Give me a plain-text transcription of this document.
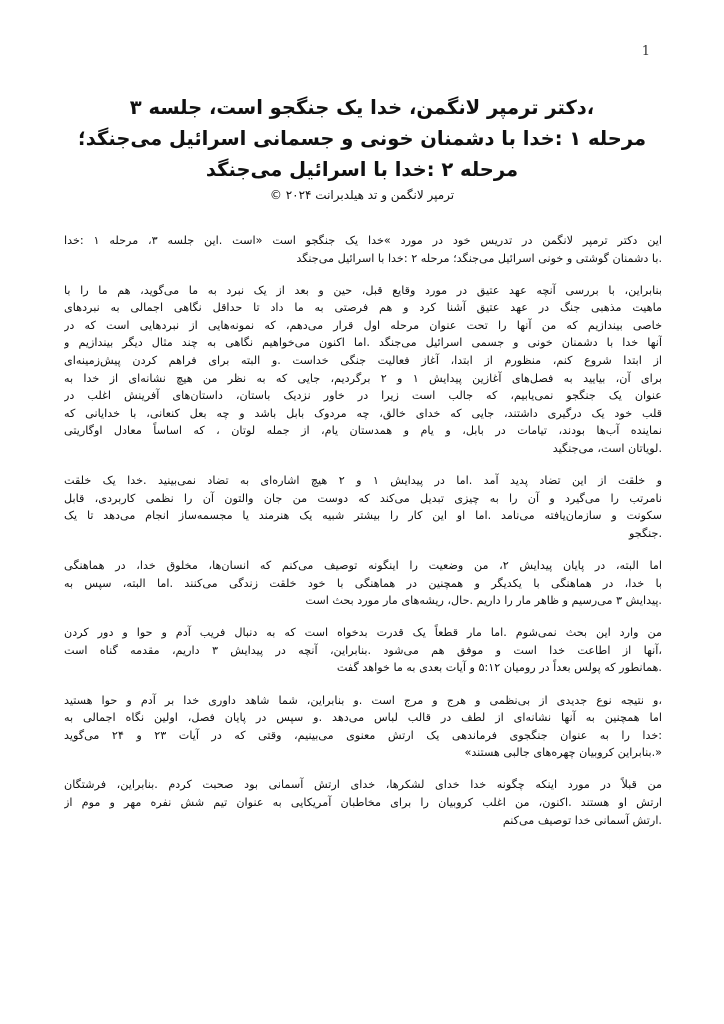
1
،دکتر ترمپر لانگمن، خدا یک جنگجو است، جلسه ۳
مرحله ۱ :خدا با دشمنان خونی و جسمانی اسرائیل می‌جنگد؛
مرحله ۲ :خدا با اسرائیل می‌جنگد
ترمپر لانگمن و تد هیلدبرانت ۲۰۲۴ ©
این دکتر ترمپر لانگمن در تدریس خود در مورد »خدا یک جنگجو است «است .این جلسه ۳، مرحله ۱ :خدا
.با دشمنان گوشتی و خونی اسرائیل می‌جنگد؛ مرحله ۲ :خدا با اسرائیل می‌جنگد
بنابراین، با بررسی آنچه عهد عتیق در مورد وقایع قبل، حین و بعد از یک نبرد به ما می‌گوید، هم ما را با
ماهیت مذهبی جنگ در عهد عتیق آشنا کرد و هم فرصتی به ما داد تا حداقل نگاهی اجمالی به نبردهای
خاصی بیندازیم که من آنها را تحت عنوان مرحله اول قرار می‌دهم، که نمونه‌هایی از نبردهایی است که در
آنها خدا با دشمنان خونی و جسمی اسرائیل می‌جنگد .اما اکنون می‌خواهیم نگاهی به چند مثال دیگر بیندازیم و
از ابتدا شروع کنم، منظورم از ابتدا، آغاز فعالیت جنگی خداست .و البته برای فراهم کردن پیش‌زمینه‌ای
برای آن، بیایید به فصل‌های آغازین پیدایش ۱ و ۲ برگردیم، جایی که به نظر من هیچ نشانه‌ای از خدا به
عنوان یک جنگجو نمی‌یابیم، که جالب است زیرا در خاور نزدیک باستان، داستان‌های آفرینش اغلب در
قلب خود یک درگیری داشتند، جایی که خدای خالق، چه مردوک بابل باشد و چه بعل کنعانی، با خدایانی که
نماینده آب‌ها بودند، تیامات در بابل، و یام و همدستان یام، از جمله لوتان ، که اساساً معادل اوگاریتی
.لویاتان است، می‌جنگید
و خلقت از این تضاد پدید آمد .اما در پیدایش ۱ و ۲ هیچ اشاره‌ای به تضاد نمی‌بینید .خدا یک خلقت
نامرتب را می‌گیرد و آن را به چیزی تبدیل می‌کند که دوست من جان والتون آن را نظمی کاربردی، قابل
سکونت و سازمان‌یافته می‌نامد .اما او این کار را بیشتر شبیه یک هنرمند یا مجسمه‌ساز انجام می‌دهد تا یک
.جنگجو
اما البته، در پایان پیدایش ۲، من وضعیت را اینگونه توصیف می‌کنم که انسان‌ها، مخلوق خدا، در هماهنگی
با خدا، در هماهنگی با یکدیگر و همچنین در هماهنگی با خود خلقت زندگی می‌کنند .اما البته، سپس به
.پیدایش ۳ می‌رسیم و ظاهر مار را داریم .حال، ریشه‌های مار مورد بحث است
من وارد این بحث نمی‌شوم .اما مار قطعاً یک قدرت بدخواه است که به دنبال فریب آدم و حوا و دور کردن
،آنها از اطاعت خدا است و موفق هم می‌شود .بنابراین، آنچه در پیدایش ۳ داریم، مقدمه گناه است
.همانطور که پولس بعداً در رومیان ۵:۱۲ و آیات بعدی به ما خواهد گفت
،و نتیجه نوع جدیدی از بی‌نظمی و هرج و مرج است .و بنابراین، شما شاهد داوری خدا بر آدم و حوا هستید
اما همچنین به آنها نشانه‌ای از لطف در قالب لباس می‌دهد .و سپس در پایان فصل، اولین نگاه اجمالی به
:خدا را به عنوان جنگجوی فرماندهی یک ارتش معنوی می‌بینیم، وقتی که در آیات ۲۳ و ۲۴ می‌گوید
«.بنابراین کروبیان چهره‌های جالبی هستند»
من قبلاً در مورد اینکه چگونه خدا خدای لشکرها، خدای ارتش آسمانی بود صحبت کردم .بنابراین، فرشتگان
ارتش او هستند .اکنون، من اغلب کروبیان را برای مخاطبان آمریکایی به عنوان تیم شش نفره مهر و موم از
.ارتش آسمانی خدا توصیف می‌کنم
